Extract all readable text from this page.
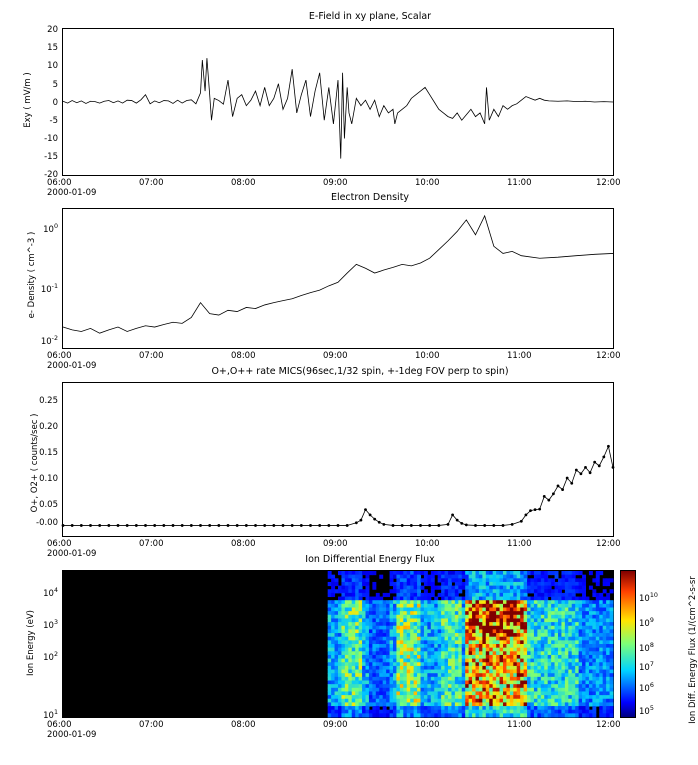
E-Field in xy plane, Scalar
Exy ( mV/m )
20
15
10
5
0
-5
-10
-15
-20
06:00	07:00	08:00	09:00	10:00	11:00	12:00
2000-01-09	Electron Density
e- Density ( cm^-3 )
$10^0$
$10^{-1}$
$10^{-2}$
06:00	07:00	08:00	09:00	10:00	11:00	12:00
2000-01-09	O+,O++ rate MICS(96sec,1/32 spin, +-1deg FOV perp to spin)
O+, O2+ ( counts/sec )
0.25
0.20
0.15
0.10
0.05
-0.00
06:00	07:00	08:00	09:00	10:00	11:00	12:00
2000-01-09	Ion Differential Energy Flux
Ion Energy (eV)
$10^4$
$10^3$
$10^2$
$10^1$
06:00	07:00	08:00	09:00	10:00	11:00	12:00
2000-01-09
$10^{10}$
$10^9$
$10^8$
$10^7$
$10^6$
$10^5$	Ion Diff. Energy Flux (1/(cm^2-s-sr
